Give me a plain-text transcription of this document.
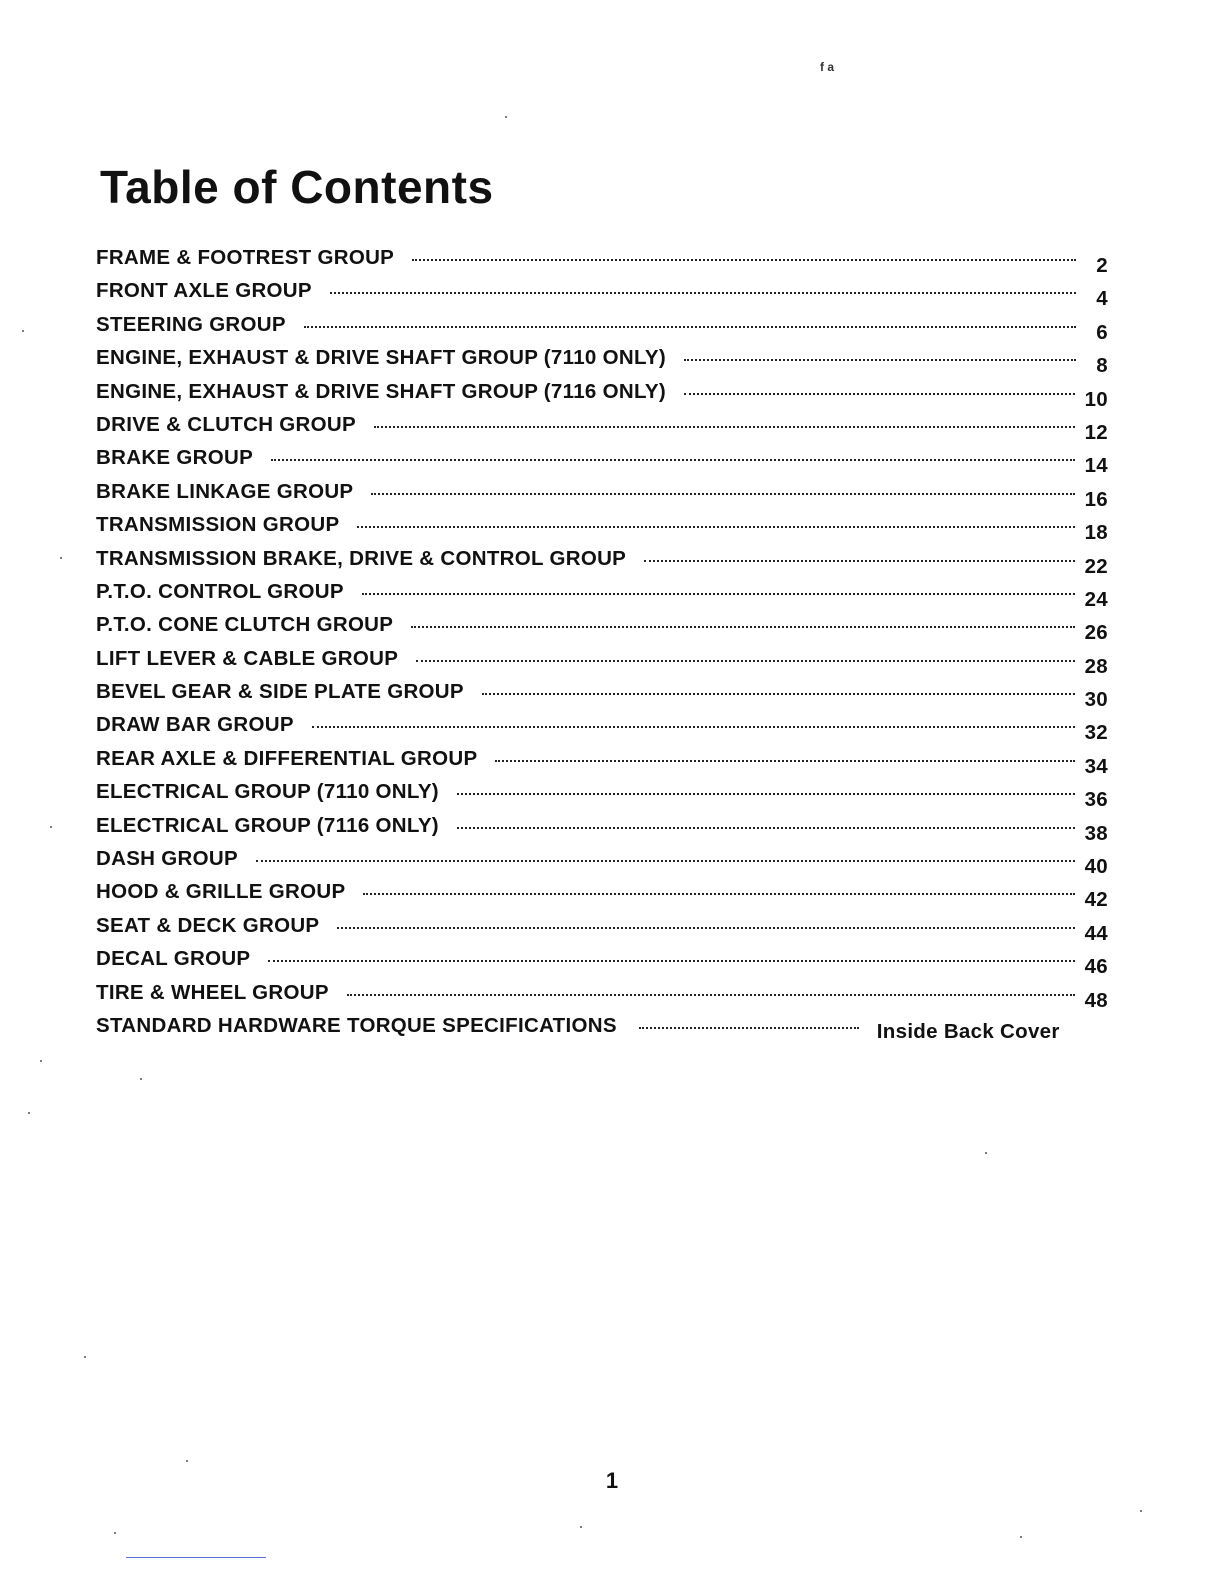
f a
Table of Contents
FRAME & FOOTREST GROUP	2
FRONT AXLE GROUP	4
STEERING GROUP	6
ENGINE, EXHAUST & DRIVE SHAFT GROUP (7110 ONLY)	8
ENGINE, EXHAUST & DRIVE SHAFT GROUP (7116 ONLY)	10
DRIVE & CLUTCH GROUP	12
BRAKE GROUP	14
BRAKE LINKAGE GROUP	16
TRANSMISSION GROUP	18
TRANSMISSION BRAKE, DRIVE & CONTROL GROUP	22
P.T.O. CONTROL GROUP	24
P.T.O. CONE CLUTCH GROUP	26
LIFT LEVER & CABLE GROUP	28
BEVEL GEAR & SIDE PLATE GROUP	30
DRAW BAR GROUP	32
REAR AXLE & DIFFERENTIAL GROUP	34
ELECTRICAL GROUP (7110 ONLY)	36
ELECTRICAL GROUP (7116 ONLY)	38
DASH GROUP	40
HOOD & GRILLE GROUP	42
SEAT & DECK GROUP	44
DECAL GROUP	46
TIRE & WHEEL GROUP	48
STANDARD HARDWARE TORQUE SPECIFICATIONS	Inside Back Cover
1
